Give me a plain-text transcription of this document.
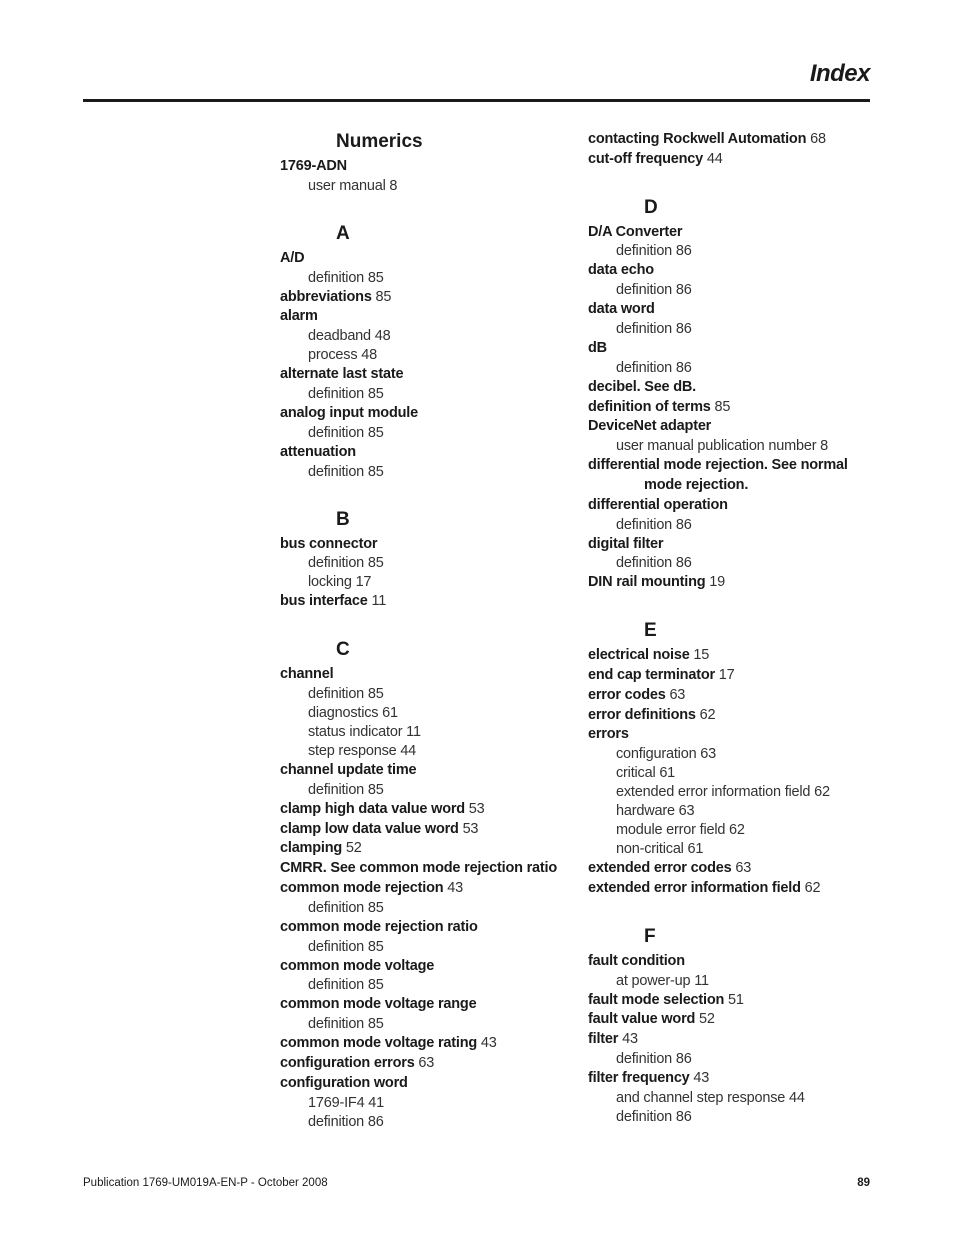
Index
Numerics
1769-ADN
user manual 8
A
A/D
definition 85
abbreviations 85
alarm
deadband 48
process 48
alternate last state
definition 85
analog input module
definition 85
attenuation
definition 85
B
bus connector
definition 85
locking 17
bus interface 11
C
channel
definition 85
diagnostics 61
status indicator 11
step response 44
channel update time
definition 85
clamp high data value word 53
clamp low data value word 53
clamping 52
CMRR. See common mode rejection ratio
common mode rejection 43
definition 85
common mode rejection ratio
definition 85
common mode voltage
definition 85
common mode voltage range
definition 85
common mode voltage rating 43
configuration errors 63
configuration word
1769-IF4 41
definition 86
contacting Rockwell Automation 68
cut-off frequency 44
D
D/A Converter
definition 86
data echo
definition 86
data word
definition 86
dB
definition 86
decibel. See dB.
definition of terms 85
DeviceNet adapter
user manual publication number 8
differential mode rejection. See normal
mode rejection.
differential operation
definition 86
digital filter
definition 86
DIN rail mounting 19
E
electrical noise 15
end cap terminator 17
error codes 63
error definitions 62
errors
configuration 63
critical 61
extended error information field 62
hardware 63
module error field 62
non-critical 61
extended error codes 63
extended error information field 62
F
fault condition
at power-up 11
fault mode selection 51
fault value word 52
filter 43
definition 86
filter frequency 43
and channel step response 44
definition 86
Publication 1769-UM019A-EN-P - October 2008	89
